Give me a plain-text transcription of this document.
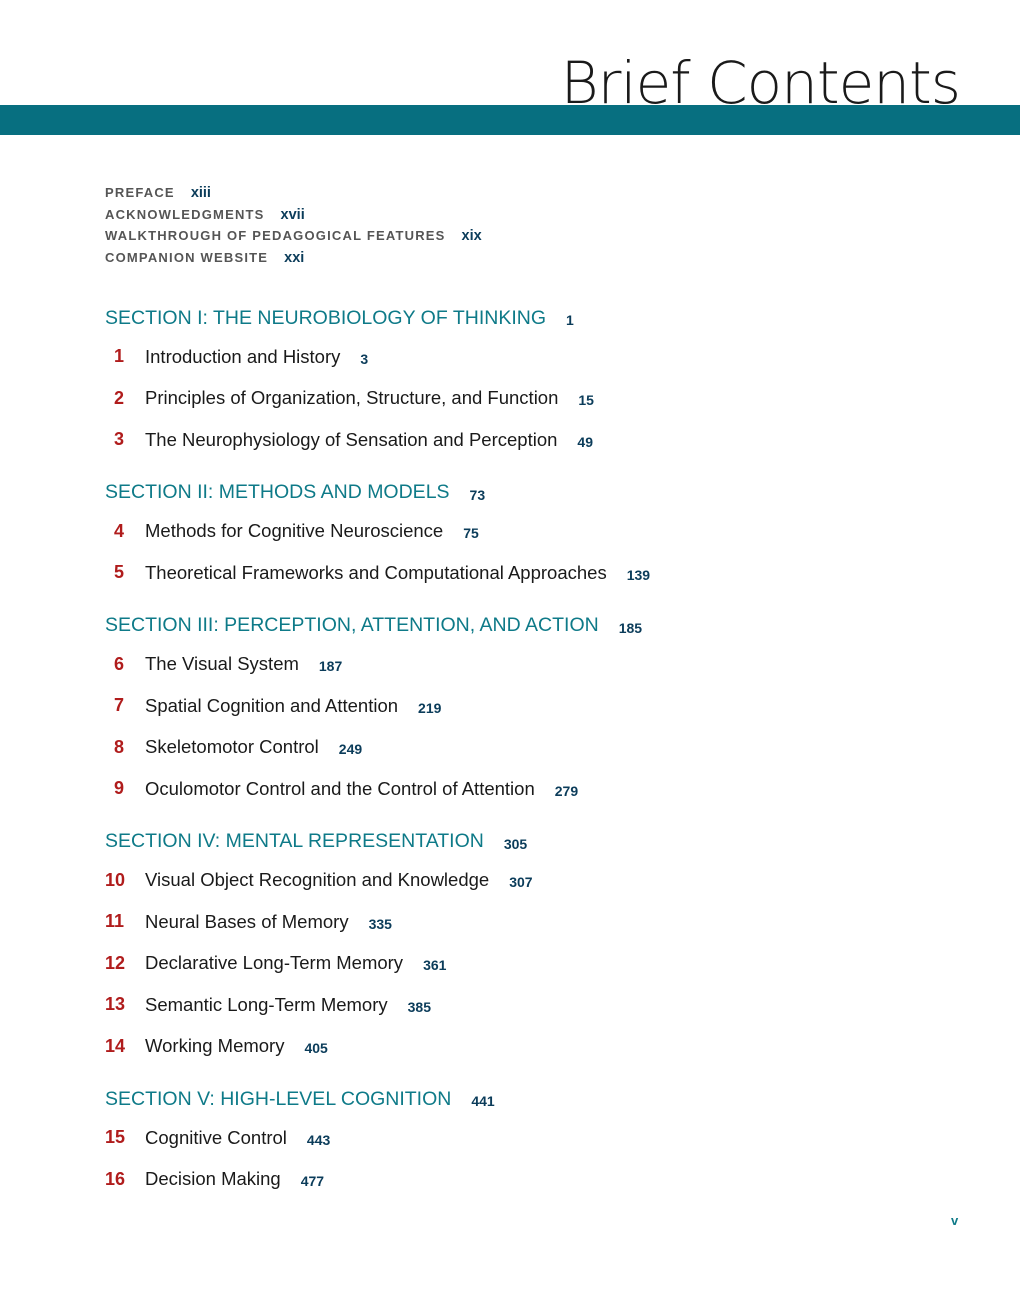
Brief Contents
PREFACE xiii
ACKNOWLEDGMENTS xvii
WALKTHROUGH OF PEDAGOGICAL FEATURES xix
COMPANION WEBSITE xxi
SECTION I: THE NEUROBIOLOGY OF THINKING 1
1	Introduction and History 3
2	Principles of Organization, Structure, and Function 15
3	The Neurophysiology of Sensation and Perception 49
SECTION II: METHODS AND MODELS 73
4	Methods for Cognitive Neuroscience 75
5	Theoretical Frameworks and Computational Approaches 139
SECTION III: PERCEPTION, ATTENTION, AND ACTION 185
6	The Visual System 187
7	Spatial Cognition and Attention 219
8	Skeletomotor Control 249
9	Oculomotor Control and the Control of Attention 279
SECTION IV: MENTAL REPRESENTATION 305
10	Visual Object Recognition and Knowledge 307
11	Neural Bases of Memory 335
12	Declarative Long-Term Memory 361
13	Semantic Long-Term Memory 385
14	Working Memory 405
SECTION V: HIGH-LEVEL COGNITION 441
15	Cognitive Control 443
16	Decision Making 477
v
